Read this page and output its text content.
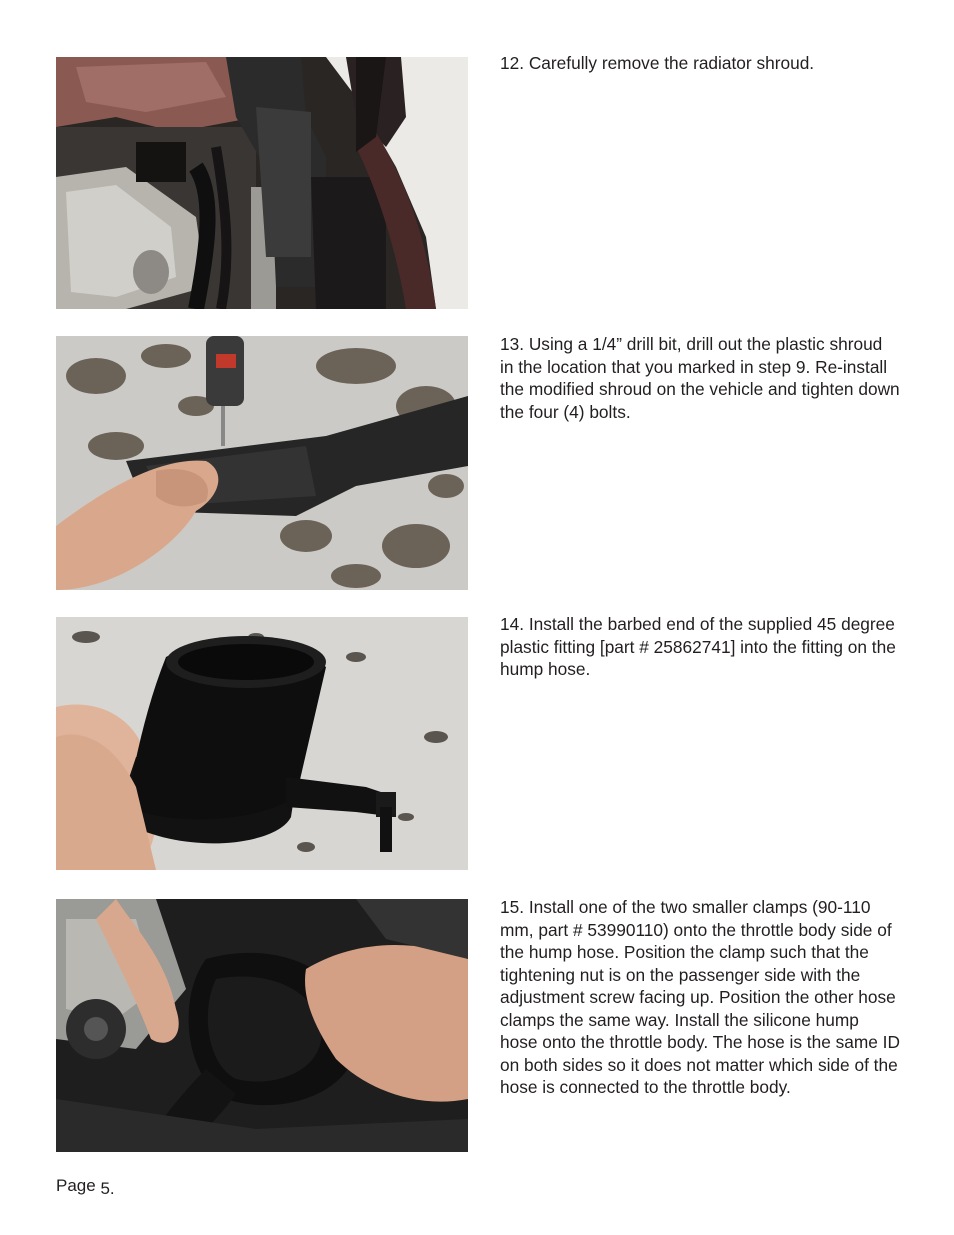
12. Carefully remove the radiator shroud.

13. Using a 1/4” drill bit, drill out the plastic shroud in the location that you marked in step 9. Re-install the modified shroud on the vehicle and tighten down the four (4) bolts.

14. Install the barbed end of the supplied 45 degree plastic fitting [part # 25862741] into the fitting on the hump hose.

15. Install one of the two smaller clamps (90-110 mm, part # 53990110) onto the throttle body side of the hump hose. Position the clamp such that the tightening nut is on the passenger side with the adjustment screw facing up. Position the other hose clamps the same way. Install the silicone hump hose onto the throttle body. The hose is the same ID on both sides so it does not matter which side of the hose is connected to the throttle body.

Page 5.
